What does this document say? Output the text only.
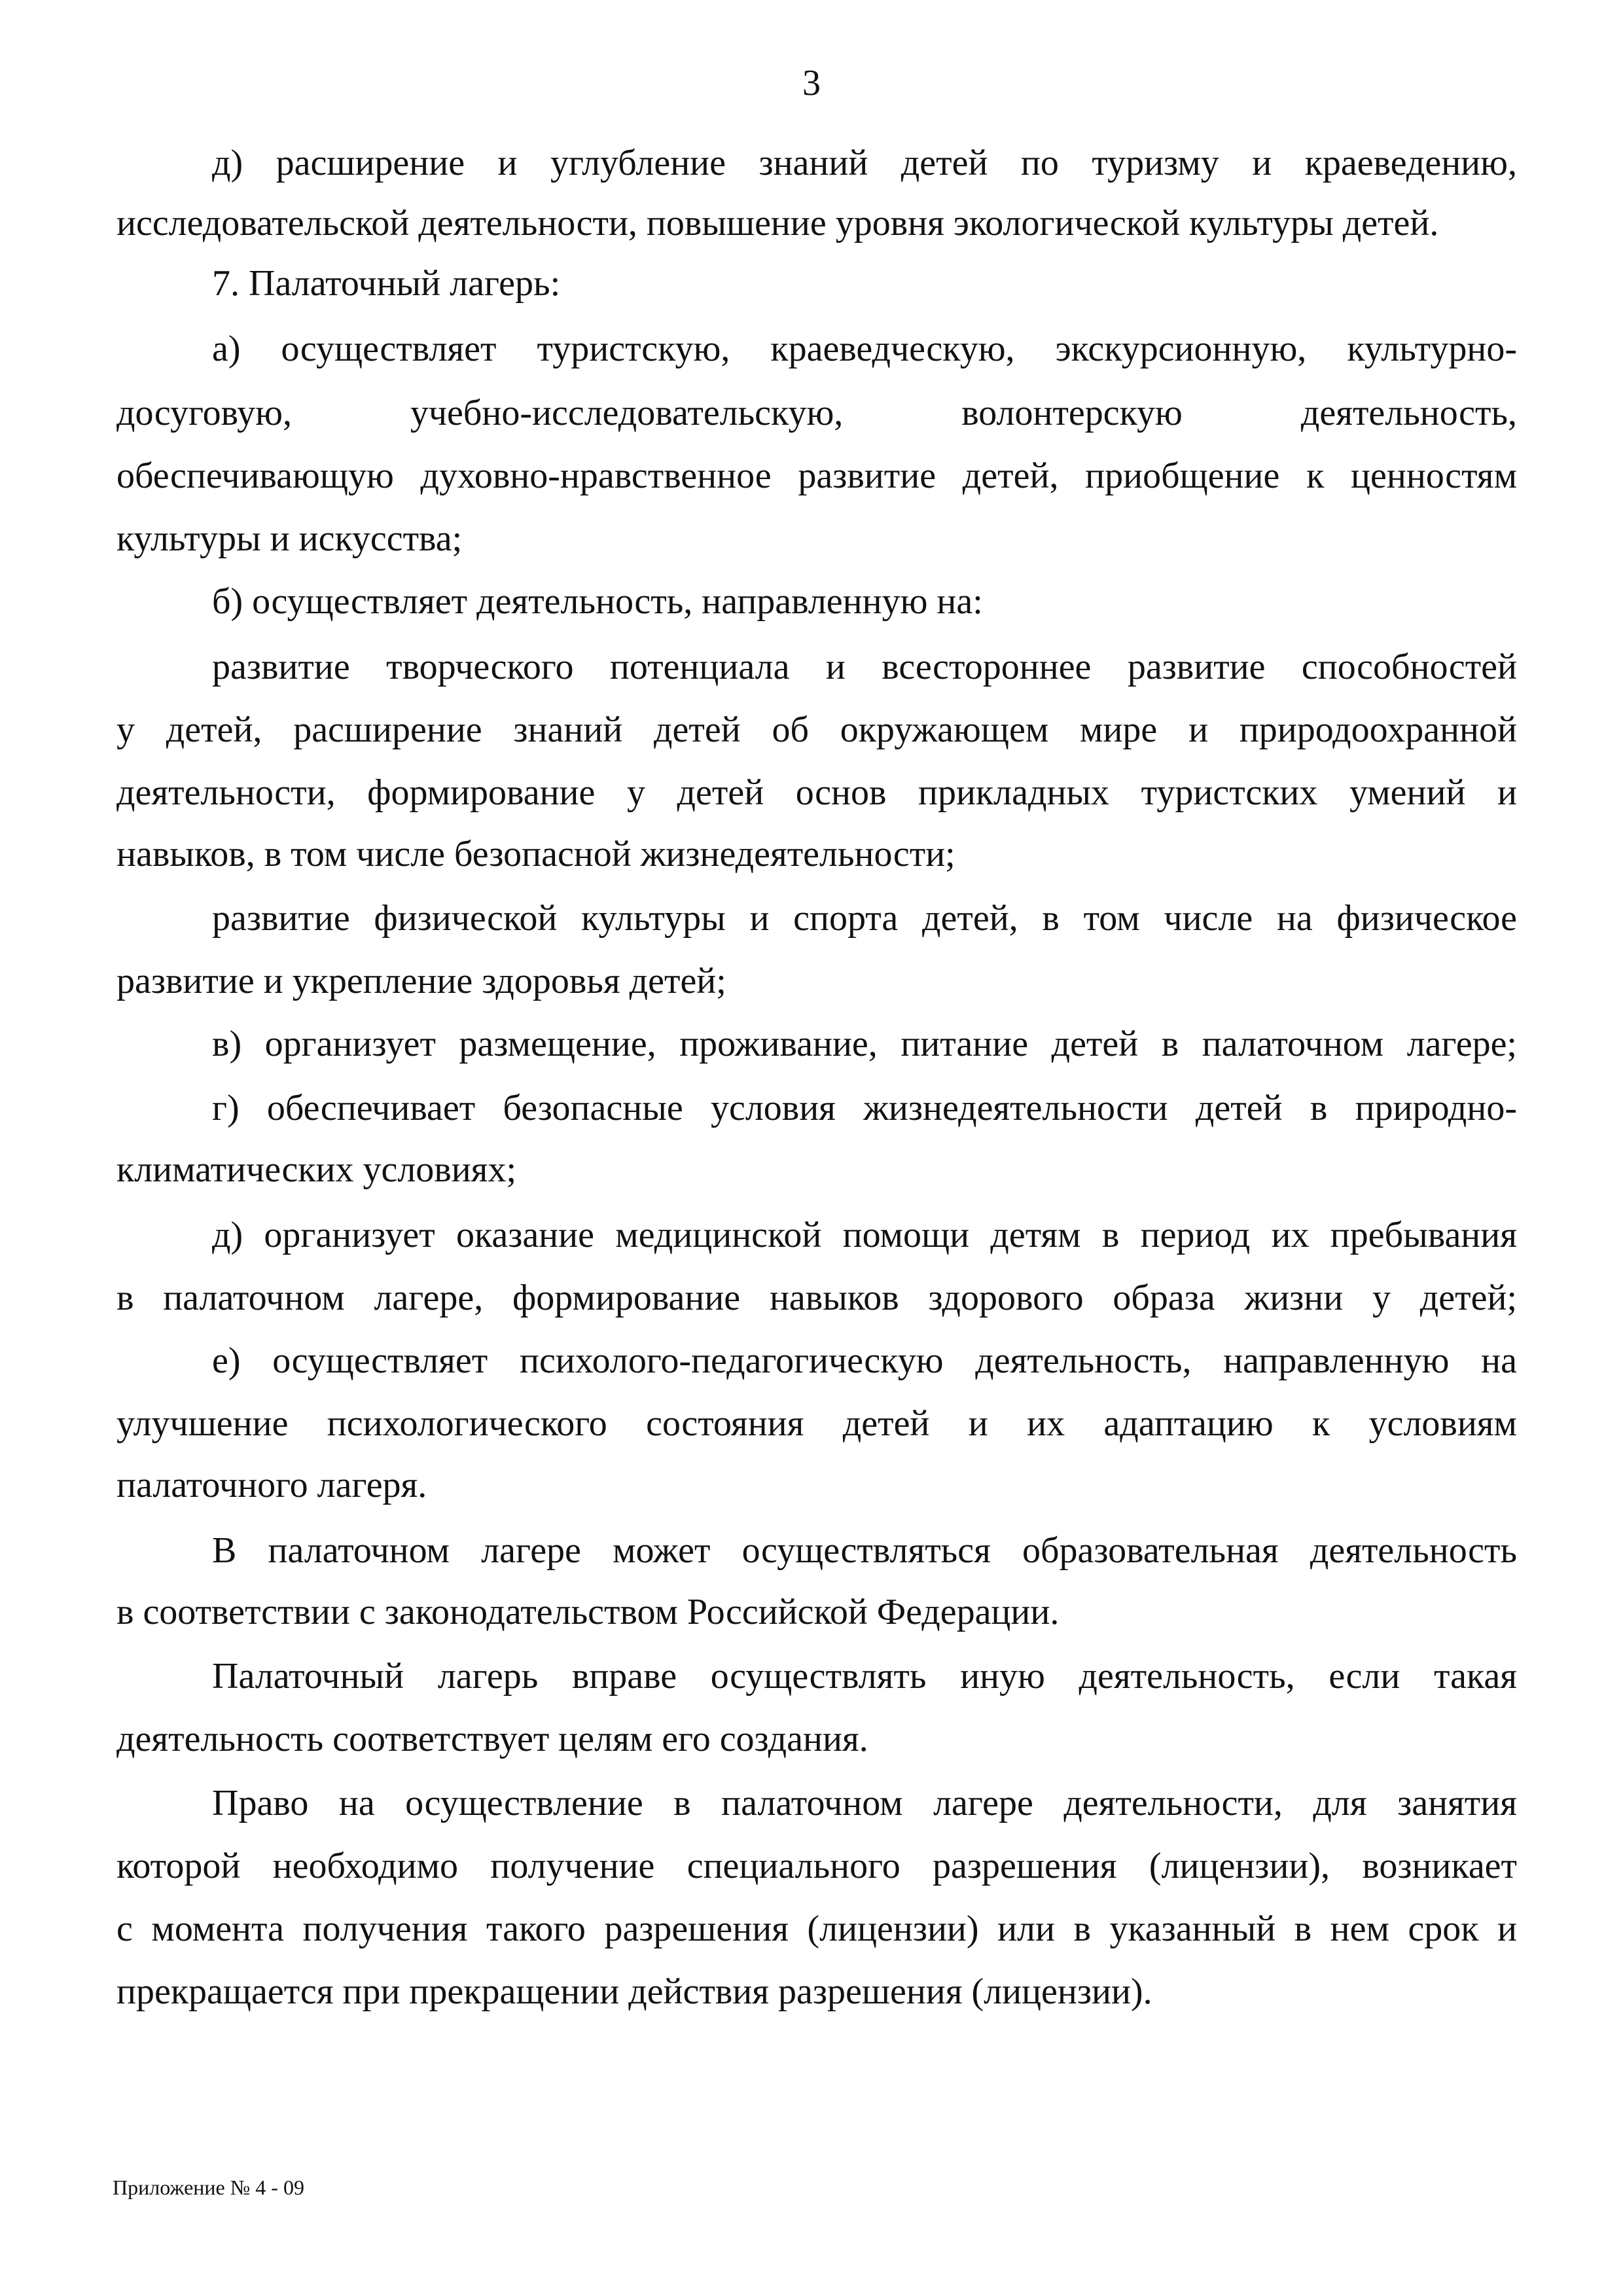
3
д) расширение и углубление знаний детей по туризму и краеведению,
исследовательской деятельности, повышение уровня экологической культуры детей.
7. Палаточный лагерь:
а) осуществляет туристскую, краеведческую, экскурсионную, культурно-
досуговую, учебно-исследовательскую, волонтерскую деятельность,
обеспечивающую духовно-нравственное развитие детей, приобщение к ценностям
культуры и искусства;
б) осуществляет деятельность, направленную на:
развитие творческого потенциала и всестороннее развитие способностей
у детей, расширение знаний детей об окружающем мире и природоохранной
деятельности, формирование у детей основ прикладных туристских умений и
навыков, в том числе безопасной жизнедеятельности;
развитие физической культуры и спорта детей, в том числе на физическое
развитие и укрепление здоровья детей;
в) организует размещение, проживание, питание детей в палаточном лагере;
г) обеспечивает безопасные условия жизнедеятельности детей в природно-
климатических условиях;
д) организует оказание медицинской помощи детям в период их пребывания
в палаточном лагере, формирование навыков здорового образа жизни у детей;
е) осуществляет психолого-педагогическую деятельность, направленную на
улучшение психологического состояния детей и их адаптацию к условиям
палаточного лагеря.
В палаточном лагере может осуществляться образовательная деятельность
в соответствии с законодательством Российской Федерации.
Палаточный лагерь вправе осуществлять иную деятельность, если такая
деятельность соответствует целям его создания.
Право на осуществление в палаточном лагере деятельности, для занятия
которой необходимо получение специального разрешения (лицензии), возникает
с момента получения такого разрешения (лицензии) или в указанный в нем срок и
прекращается при прекращении действия разрешения (лицензии).
Приложение № 4 - 09
